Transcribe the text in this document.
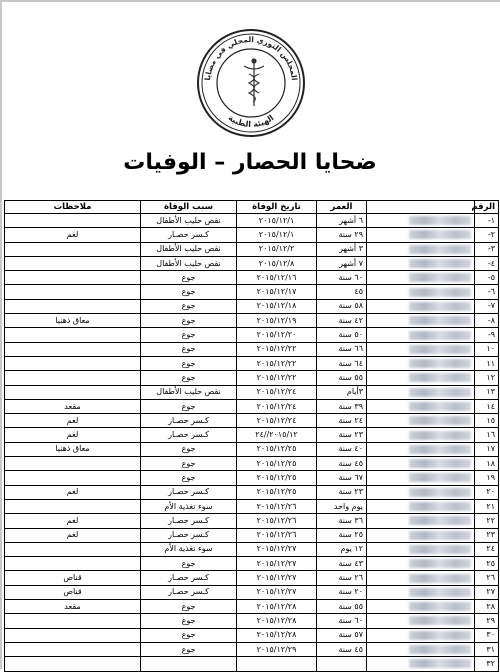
المجلس الثوري المحلي في مضايا
الهيئة الطبية
ضحايا الحصار – الوفيات
الرقم		العمر	تاريخ الوفاة	سبب الوفاة	ملاحظات
١-		٦ أشهر	٢٠١٥/١٢/١	نقص حليب الأطفال	
٢-		٢٩ سنة	٢٠١٥/١٢/١	كـسر حصـار	لغم
٣-		٣ أشهر	٢٠١٥/١٢/٢	نقص حليب الأطفال	
٤-		٧ أشهر	٢٠١٥/١٢/٨	نقص حليب الأطفال	
٥-		٦٠ سنة	٢٠١٥/١٢/١٦	جوع	
٦-		٤٥	٢٠١٥/١٢/١٧	جوع	
٧-		٥٨ سنة	٢٠١٥/١٢/١٨	جوع	
٨-		٤٢ سنة	٢٠١٥/١٢/١٩	جوع	معاق ذهنيا
٩-		٥٠ سنة	٢٠١٥/١٢/٢٠	جوع	
١٠		٦٦ سنة	٢٠١٥/١٢/٢٢	جوع	
١١		٦٤ سنة	٢٠١٥/١٢/٢٢	جوع	
١٢		٥٥ سنة	٢٠١٥/١٢/٢٢	جوع	
١٣		٣أيام	٢٠١٥/١٢/٢٤	نقص حليب الأطفال	
١٤		٣٩ سنة	٢٠١٥/١٢/٢٤	جوع	مقعد
١٥		٢٤ سنة	٢٠١٥/١٢/٢٤	كـسر حصـار	لغم
١٦		٢٣ سنة	٢٠١٥/١٢//٢٤	كـسر حصـار	لغم
١٧		٤٠ سنة	٢٠١٥/١٢/٢٥	جوع	معاق ذهنيا
١٨		٤٥ سنة	٢٠١٥/١٢/٢٥	جوع	
١٩		٦٧ سنة	٢٠١٥/١٢/٢٥	جوع	
٢٠		٢٣ سنة	٢٠١٥/١٢/٢٥	كـسر حصـار	لغم
٢١		يوم واحد	٢٠١٥/١٢/٢٦	سوء تغذية الأم	
٢٢		٣٦ سنة	٢٠١٥/١٢/٢٦	كـسر حصـار	لغم
٢٣		٢٥ سنة	٢٠١٥/١٢/٢٦	كـسر حصـار	لغم
٢٤		١٢ يوم	٢٠١٥/١٢/٢٧	سوء تغذية الأم	
٢٥		٤٣ سنة	٢٠١٥/١٢/٢٧	جوع	
٢٦		٢٦ سنة	٢٠١٥/١٢/٢٧	كـسر حصـار	قناص
٢٧		٢٠ سنة	٢٠١٥/١٢/٢٧	كـسر حصـار	قناص
٢٨		٥٥ سنة	٢٠١٥/١٢/٢٨	جوع	مقعد
٢٩		٦٠ سنة	٢٠١٥/١٢/٢٨	جوع	
٣٠		٥٧ سنة	٢٠١٥/١٢/٢٨	جوع	
٣١		٤٥ سنة	٢٠١٥/١٢/٢٩	جوع	
٣٢					
